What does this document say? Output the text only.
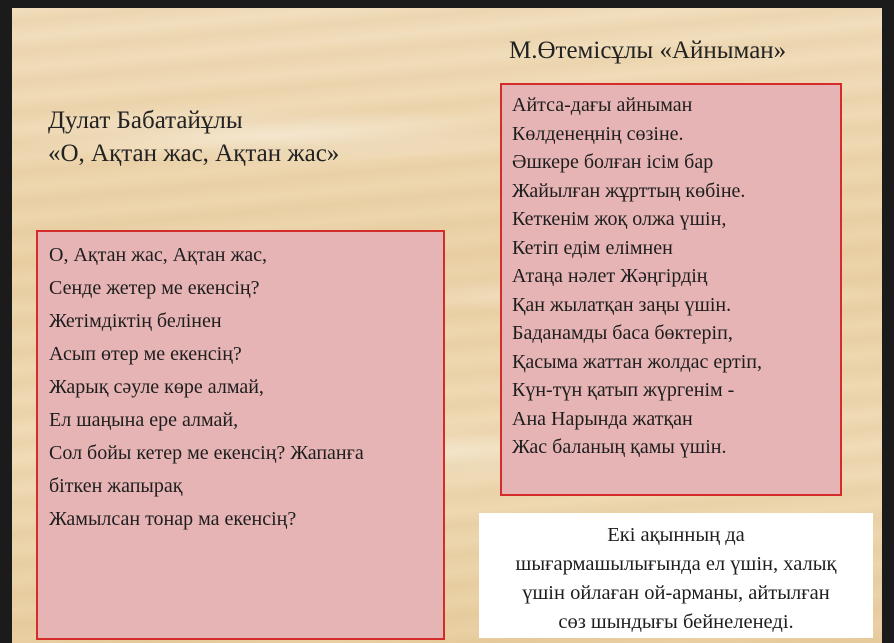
М.Өтемісұлы «Айныман»
Дулат Бабатайұлы
«О, Ақтан жас, Ақтан жас»
О, Ақтан жас, Ақтан жас,
Сенде жетер ме екенсің?
Жетімдіктің белінен
Асып өтер ме екенсің?
Жарық сәуле көре алмай,
Ел шаңына ере алмай,
Сол бойы кетер ме екенсің? Жапанға
біткен жапырақ
Жамылсан тонар ма екенсің?
Айтса-дағы айныман
Көлденеңнің сөзіне.
Әшкере болған ісім бар
Жайылған жұрттың көбіне.
Кеткенім жоқ олжа үшін,
Кетіп едім елімнен
Атаңа нәлет Жәңгірдің
Қан жылатқан заңы үшін.
Баданамды баса бөктеріп,
Қасыма жаттан жолдас ертіп,
Күн-түн қатып жүргенім -
Ана Нарында жатқан
Жас баланың қамы үшін.
Екі ақынның да
шығармашылығында ел үшін, халық
үшін ойлаған ой-арманы, айтылған
сөз шындығы бейнеленеді.
